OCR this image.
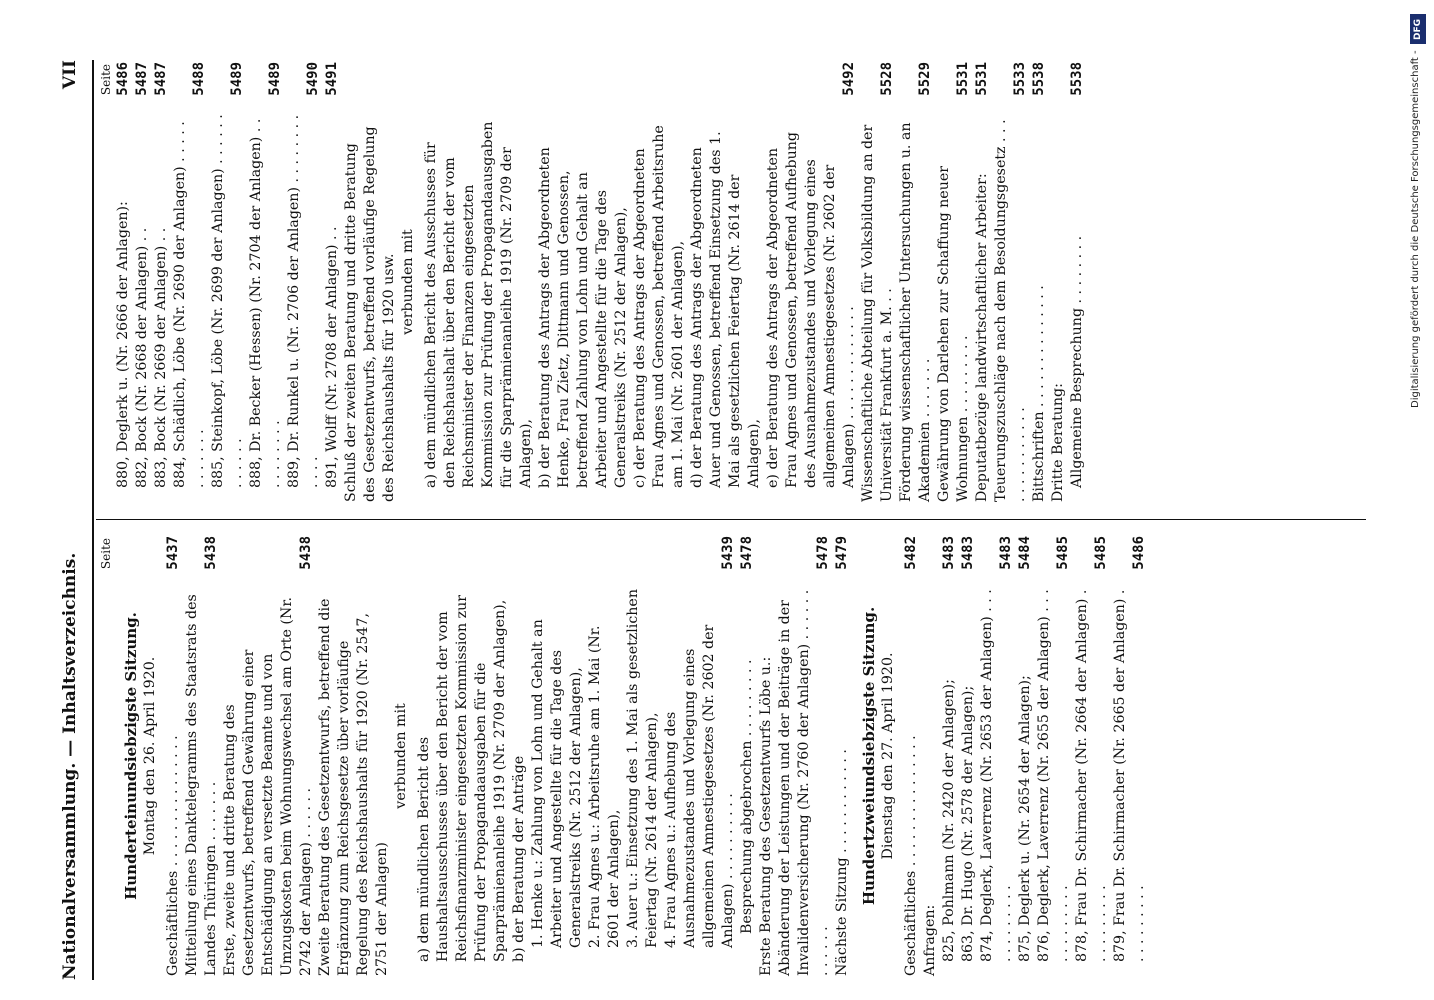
Nationalversammlung. — Inhaltsverzeichnis.
VII
Seite
Hunderteinundsiebzigste Sitzung. Montag den 26. April 1920. Geschäftliches . . . . . . . . . . . . . . .
5437
Mitteilung eines Danktelegramms des Staatsrats des Landes Thüringen . . . . . . .
5438
Erste, zweite und dritte Beratung des Gesetzentwurfs, betreffend Gewährung einer Entschädigung an versetzte Beamte und von Umzugskosten beim Wohnungswechsel am Orte (Nr. 2742 der Anlagen) . . . . . .
5438
Zweite Beratung des Gesetzentwurfs, betreffend die Ergänzung zum Reichsgesetze über vorläufige Regelung des Reichshaushalts für 1920 (Nr. 2547, 2751 der Anlagen)
verbunden mit a) dem mündlichen Bericht des Haushaltsausschusses über den Bericht der vom Reichsfinanzminister eingesetzten Kommission zur Prüfung der Propagandaausgaben für die Sparprämienanleihe 1919 (Nr. 2709 der Anlagen), b) der Beratung der Anträge 1. Henke u.: Zahlung von Lohn und Gehalt an Arbeiter und Angestellte für die Tage des Generalstreiks (Nr. 2512 der Anlagen), 2. Frau Agnes u.: Arbeitsruhe am 1. Mai (Nr. 2601 der Anlagen), 3. Auer u.: Einsetzung des 1. Mai als gesetzlichen Feiertag (Nr. 2614 der Anlagen), 4. Frau Agnes u.: Aufhebung des Ausnahmezustandes und Vorlegung eines allgemeinen Amnestiegesetzes (Nr. 2602 der Anlagen) . . . . . . . . . .
5439
Besprechung abgebrochen . . . . . . . . .
5478
Erste Beratung des Gesetzentwurfs Löbe u.: Abänderung der Leistungen und der Beiträge in der Invalidenversicherung (Nr. 2760 der Anlagen) . . . . . . . . . . . .
5478
Nächste Sitzung . . . . . . . . . . . .
5479
Hundertzweiundsiebzigste Sitzung. Dienstag den 27. April 1920. Geschäftliches . . . . . . . . . . . . . . .
5482
Anfragen: 825, Pohlmann (Nr. 2420 der Anlagen);
5483
863, Dr. Hugo (Nr. 2578 der Anlagen);
5483
874, Deglerk, Laverrenz (Nr. 2653 der Anlagen) . . . . . . . . . . . .
5483
875, Deglerk u. (Nr. 2654 der Anlagen);
5484
876, Deglerk, Laverrenz (Nr. 2655 der Anlagen) . . . . . . . . . . . .
5485
878, Frau Dr. Schirmacher (Nr. 2664 der Anlagen) . . . . . . . . . .
5485
879, Frau Dr. Schirmacher (Nr. 2665 der Anlagen) . . . . . . . . . .
5486
Seite
880, Deglerk u. (Nr. 2666 der Anlagen):
5486
882, Bock (Nr. 2668 der Anlagen) . .
5487
883, Bock (Nr. 2669 der Anlagen) . .
5487
884, Schädlich, Löbe (Nr. 2690 der Anlagen) . . . . . . . . . . . .
5488
885, Steinkopf, Löbe (Nr. 2699 der Anlagen) . . . . . . . . . . . .
5489
888, Dr. Becker (Hessen) (Nr. 2704 der Anlagen) . . . . . . . . . .
5489
889, Dr. Runkel u. (Nr. 2706 der Anlagen) . . . . . . . . . . . .
5490
891, Wolff (Nr. 2708 der Anlagen) . .
5491
Schluß der zweiten Beratung und dritte Beratung des Gesetzentwurfs, betreffend vorläufige Regelung des Reichshaushalts für 1920 usw. verbunden mit a) dem mündlichen Bericht des Ausschusses für den Reichshaushalt über den Bericht der vom Reichsminister der Finanzen eingesetzten Kommission zur Prüfung der Propagandaausgaben für die Sparprämienanleihe 1919 (Nr. 2709 der Anlagen), b) der Beratung des Antrags der Abgeordneten Henke, Frau Zietz, Dittmann und Genossen, betreffend Zahlung von Lohn und Gehalt an Arbeiter und Angestellte für die Tage des Generalstreiks (Nr. 2512 der Anlagen), c) der Beratung des Antrags der Abgeordneten Frau Agnes und Genossen, betreffend Arbeitsruhe am 1. Mai (Nr. 2601 der Anlagen), d) der Beratung des Antrags der Abgeordneten Auer und Genossen, betreffend Einsetzung des 1. Mai als gesetzlichen Feiertag (Nr. 2614 der Anlagen), e) der Beratung des Antrags der Abgeordneten Frau Agnes und Genossen, betreffend Aufhebung des Ausnahmezustandes und Vorlegung eines allgemeinen Amnestiegesetzes (Nr. 2602 der Anlagen) . . . . . . . . . . . . .
5492
Wissenschaftliche Abteilung für Volksbildung an der Universität Frankfurt a. M. . .
5528
Förderung wissenschaftlicher Untersuchungen u. an Akademien . . . . . . .
5529
Gewährung von Darlehen zur Schaffung neuer Wohnungen . . . . . . . . .
5531
Deputatbezüge landwirtschaftlicher Arbeiter:
5531
Teuerungszuschläge nach dem Besoldungsgesetz . . . . . . . . . . . . . .
5533
Bittschriften . . . . . . . . . . . . . .
5538
Dritte Beratung: Allgemeine Besprechung . . . . . . . .
5538
DFG
Digitalisierung gefördert durch die Deutsche Forschungsgemeinschaft -
